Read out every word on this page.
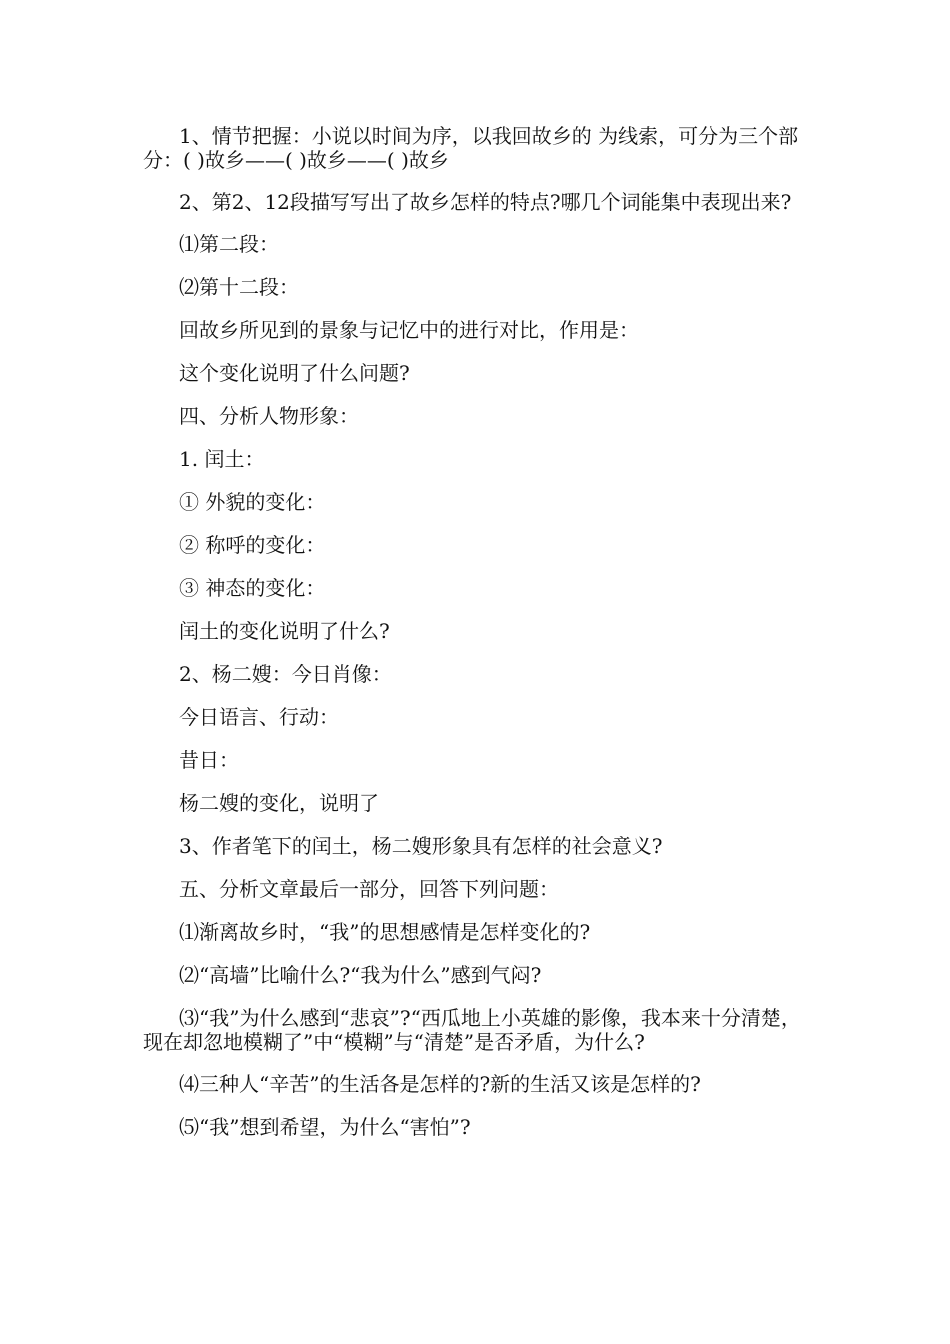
1、情节把握：小说以时间为序，以我回故乡的 为线索，可分为三个部分：( )故乡——( )故乡——( )故乡

2、第2、12段描写写出了故乡怎样的特点?哪几个词能集中表现出来?

⑴第二段：

⑵第十二段：

回故乡所见到的景象与记忆中的进行对比，作用是：

这个变化说明了什么问题?

四、分析人物形象：

1. 闰土：

① 外貌的变化：

② 称呼的变化：

③ 神态的变化：

闰土的变化说明了什么?

2、杨二嫂：今日肖像：

今日语言、行动：

昔日：

杨二嫂的变化，说明了

3、作者笔下的闰土，杨二嫂形象具有怎样的社会意义?

五、分析文章最后一部分，回答下列问题：

⑴渐离故乡时，“我”的思想感情是怎样变化的?

⑵“高墙”比喻什么?“我为什么”感到气闷?

⑶“我”为什么感到“悲哀”?“西瓜地上小英雄的影像，我本来十分清楚，现在却忽地模糊了”中“模糊”与“清楚”是否矛盾，为什么?

⑷三种人“辛苦”的生活各是怎样的?新的生活又该是怎样的?

⑸“我”想到希望，为什么“害怕”?
